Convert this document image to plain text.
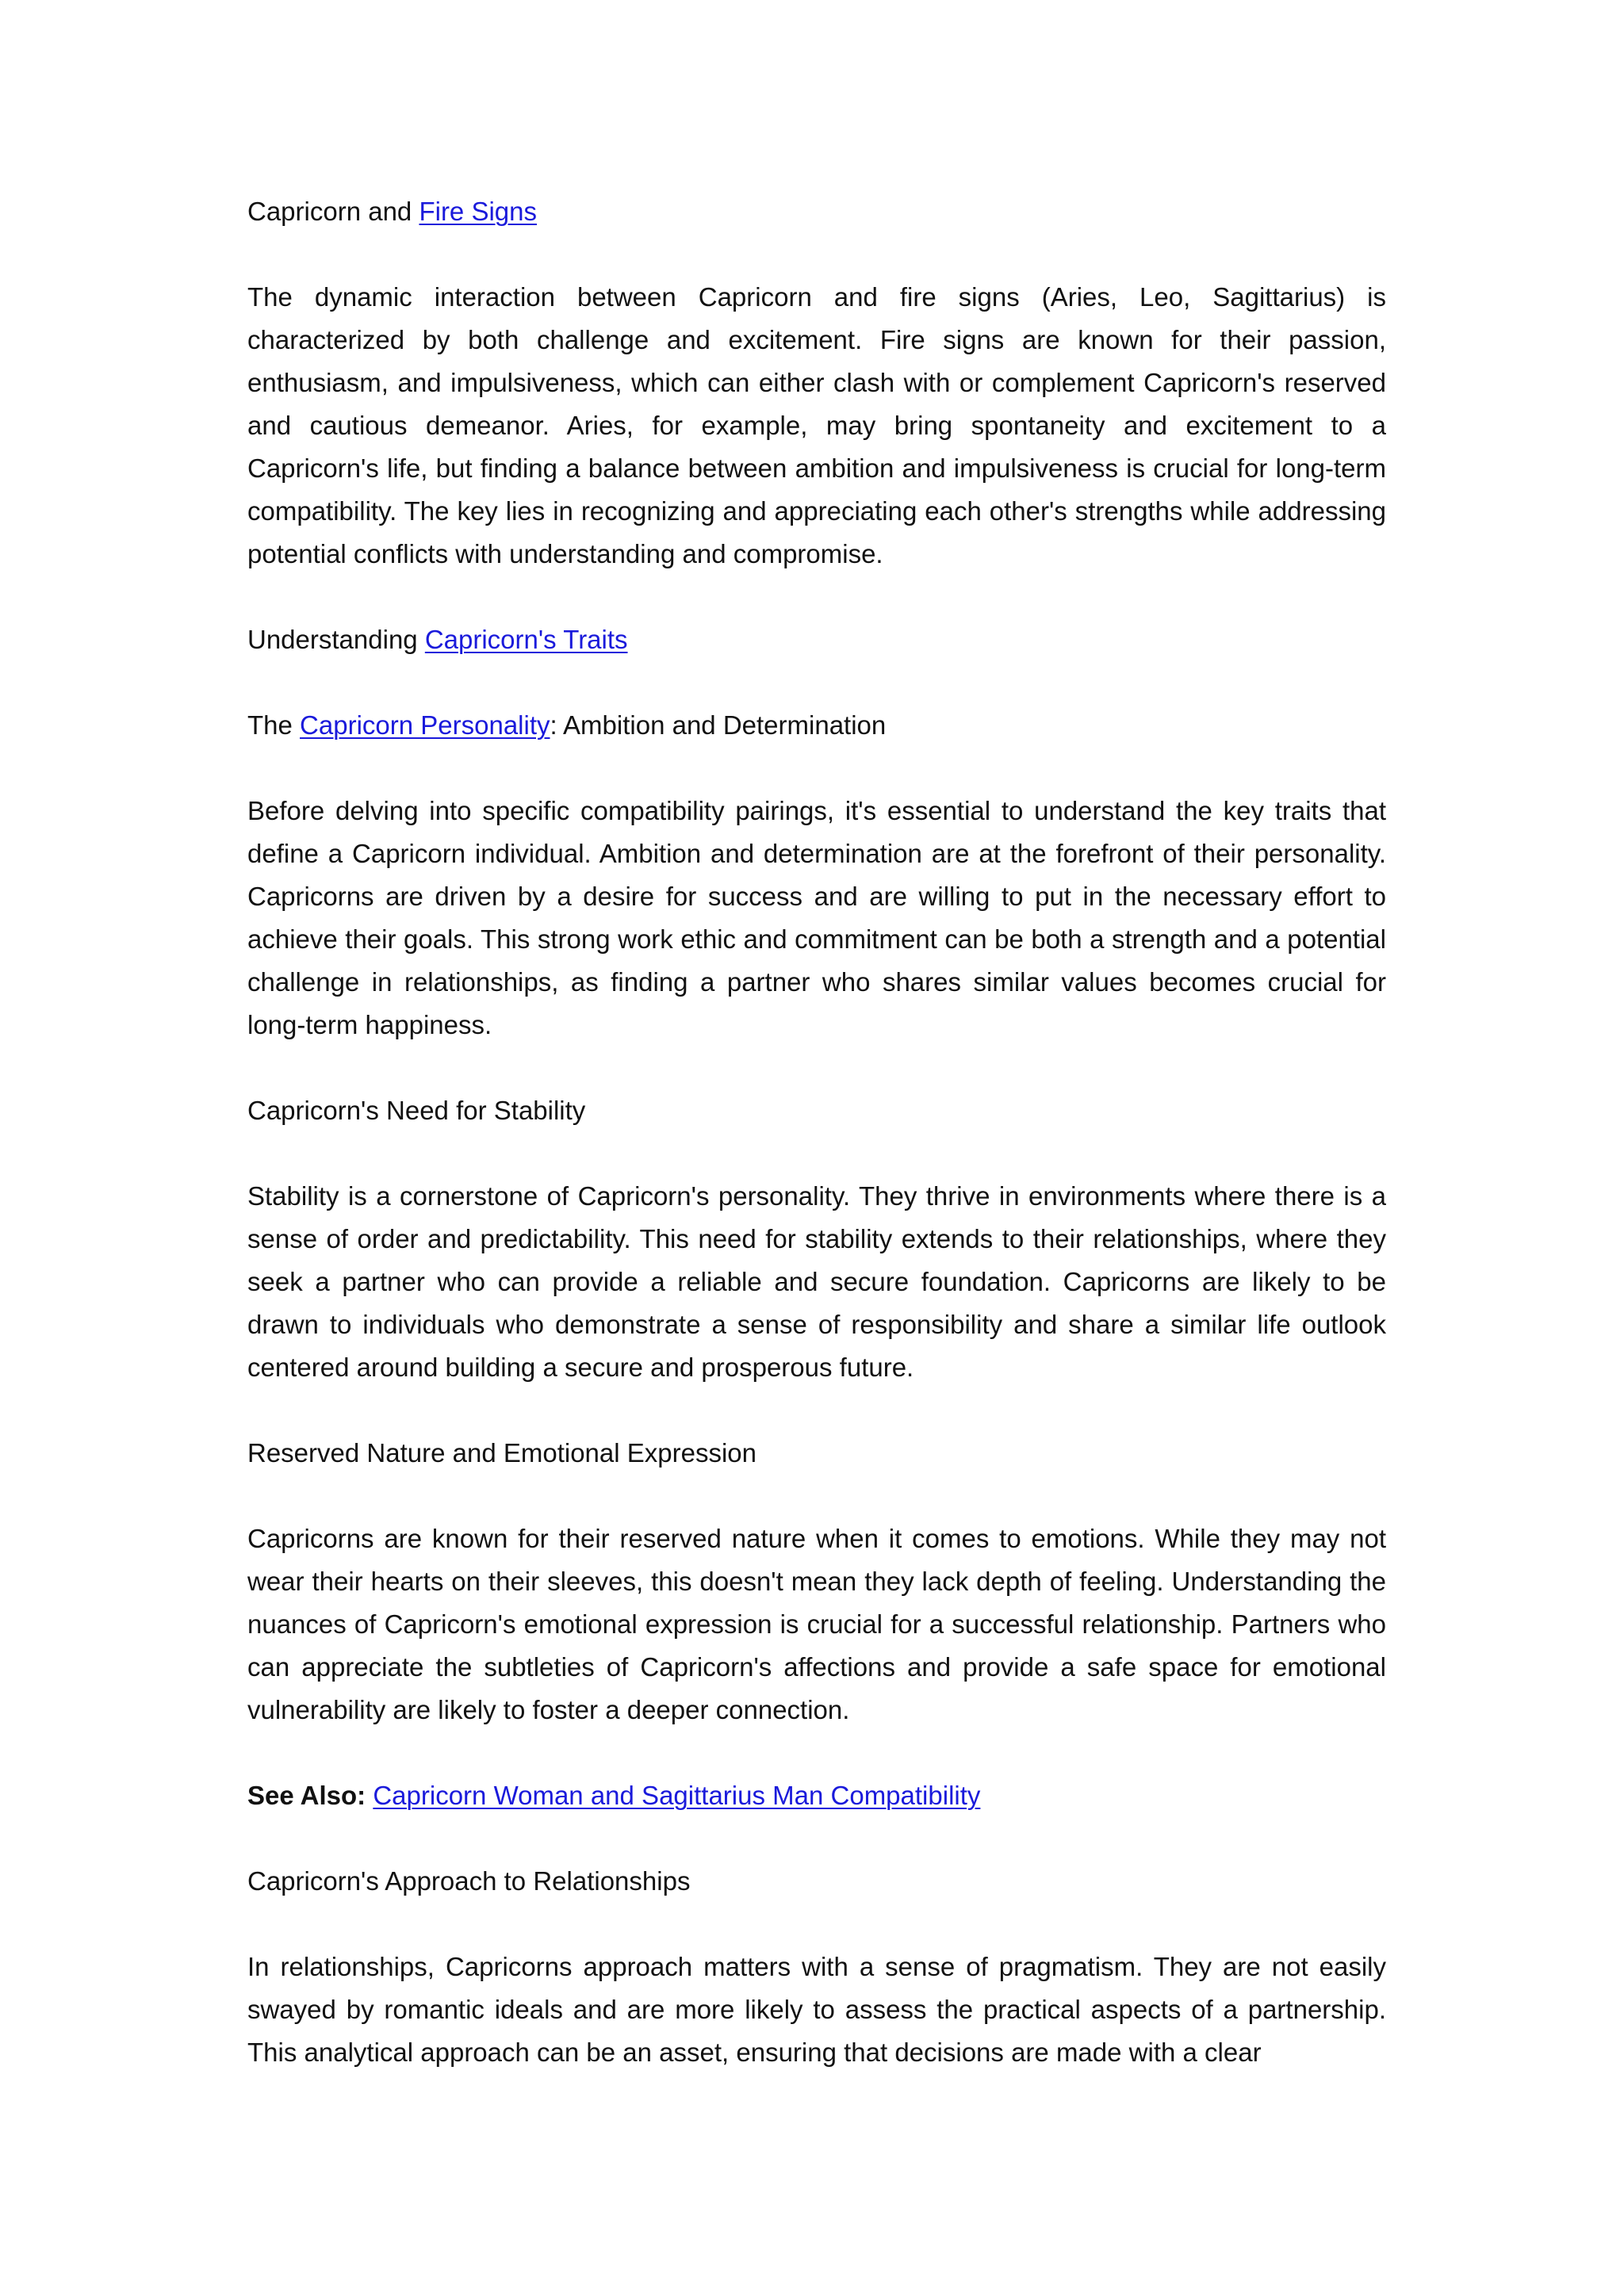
Capricorn and Fire Signs

The dynamic interaction between Capricorn and fire signs (Aries, Leo, Sagittarius) is characterized by both challenge and excitement. Fire signs are known for their passion, enthusiasm, and impulsiveness, which can either clash with or complement Capricorn's reserved and cautious demeanor. Aries, for example, may bring spontaneity and excitement to a Capricorn's life, but finding a balance between ambition and impulsiveness is crucial for long-term compatibility. The key lies in recognizing and appreciating each other's strengths while addressing potential conflicts with understanding and compromise.

Understanding Capricorn's Traits

The Capricorn Personality: Ambition and Determination

Before delving into specific compatibility pairings, it's essential to understand the key traits that define a Capricorn individual. Ambition and determination are at the forefront of their personality. Capricorns are driven by a desire for success and are willing to put in the necessary effort to achieve their goals. This strong work ethic and commitment can be both a strength and a potential challenge in relationships, as finding a partner who shares similar values becomes crucial for long-term happiness.

Capricorn's Need for Stability

Stability is a cornerstone of Capricorn's personality. They thrive in environments where there is a sense of order and predictability. This need for stability extends to their relationships, where they seek a partner who can provide a reliable and secure foundation. Capricorns are likely to be drawn to individuals who demonstrate a sense of responsibility and share a similar life outlook centered around building a secure and prosperous future.

Reserved Nature and Emotional Expression

Capricorns are known for their reserved nature when it comes to emotions. While they may not wear their hearts on their sleeves, this doesn't mean they lack depth of feeling. Understanding the nuances of Capricorn's emotional expression is crucial for a successful relationship. Partners who can appreciate the subtleties of Capricorn's affections and provide a safe space for emotional vulnerability are likely to foster a deeper connection.

See Also: Capricorn Woman and Sagittarius Man Compatibility

Capricorn's Approach to Relationships

In relationships, Capricorns approach matters with a sense of pragmatism. They are not easily swayed by romantic ideals and are more likely to assess the practical aspects of a partnership. This analytical approach can be an asset, ensuring that decisions are made with a clear
